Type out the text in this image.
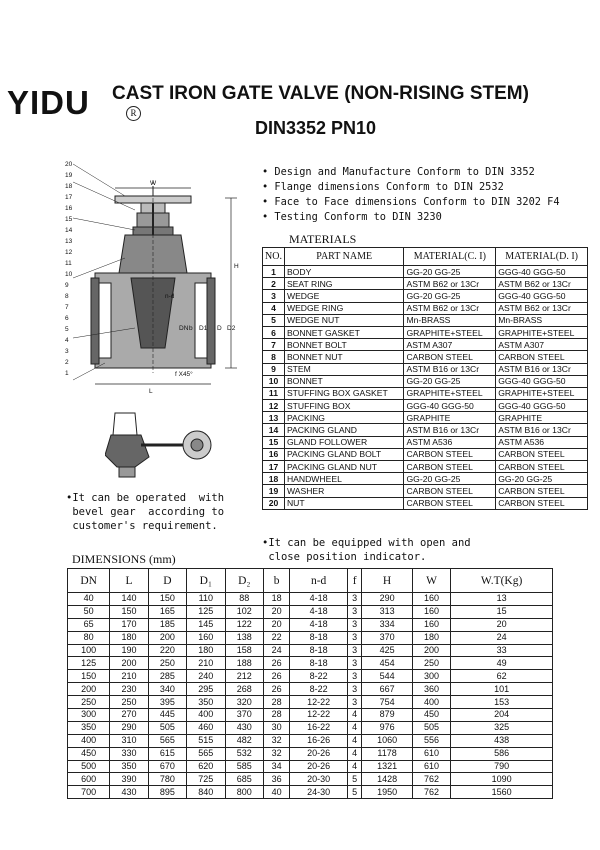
YIDU	R
CAST IRON GATE VALVE (NON-RISING STEM)
DIN3352 PN10
20
19
18
17
16
15
14
13
12
11
10
9
8
7
6
5
4
3
2
1
W
H
L
DN b D1 D D2
n-d
f X45°
• Design and Manufacture Conform to DIN 3352
• Flange dimensions Conform to DIN 2532
• Face to Face dimensions Conform to DIN 3202 F4
• Testing Conform to DIN 3230
MATERIALS
NO.	PART NAME	MATERIAL(C. I)	MATERIAL(D. I)
1	BODY	GG-20 GG-25	GGG-40 GGG-50
2	SEAT RING	ASTM B62 or 13Cr	ASTM B62 or 13Cr
3	WEDGE	GG-20 GG-25	GGG-40 GGG-50
4	WEDGE RING	ASTM B62 or 13Cr	ASTM B62 or 13Cr
5	WEDGE NUT	Mn-BRASS	Mn-BRASS
6	BONNET GASKET	GRAPHITE+STEEL	GRAPHITE+STEEL
7	BONNET BOLT	ASTM A307	ASTM A307
8	BONNET NUT	CARBON STEEL	CARBON STEEL
9	STEM	ASTM B16 or 13Cr	ASTM B16 or 13Cr
10	BONNET	GG-20 GG-25	GGG-40 GGG-50
11	STUFFING BOX GASKET	GRAPHITE+STEEL	GRAPHITE+STEEL
12	STUFFING BOX	GGG-40 GGG-50	GGG-40 GGG-50
13	PACKING	GRAPHITE	GRAPHITE
14	PACKING GLAND	ASTM B16 or 13Cr	ASTM B16 or 13Cr
15	GLAND FOLLOWER	ASTM A536	ASTM A536
16	PACKING GLAND BOLT	CARBON STEEL	CARBON STEEL
17	PACKING GLAND NUT	CARBON STEEL	CARBON STEEL
18	HANDWHEEL	GG-20 GG-25	GG-20 GG-25
19	WASHER	CARBON STEEL	CARBON STEEL
20	NUT	CARBON STEEL	CARBON STEEL

•It can be operated  with
bevel gear  according to
customer's requirement.

•It can be equipped with open and
close position indicator.

DIMENSIONS (mm)
DN	L	D	D₁	D₂	b	n-d	f	H	W	W.T(Kg)
40	140	150	110	88	18	4-18	3	290	160	13
50	150	165	125	102	20	4-18	3	313	160	15
65	170	185	145	122	20	4-18	3	334	160	20
80	180	200	160	138	22	8-18	3	370	180	24
100	190	220	180	158	24	8-18	3	425	200	33
125	200	250	210	188	26	8-18	3	454	250	49
150	210	285	240	212	26	8-22	3	544	300	62
200	230	340	295	268	26	8-22	3	667	360	101
250	250	395	350	320	28	12-22	3	754	400	153
300	270	445	400	370	28	12-22	4	879	450	204
350	290	505	460	430	30	16-22	4	976	505	325
400	310	565	515	482	32	16-26	4	1060	556	438
450	330	615	565	532	32	20-26	4	1178	610	586
500	350	670	620	585	34	20-26	4	1321	610	790
600	390	780	725	685	36	20-30	5	1428	762	1090
700	430	895	840	800	40	24-30	5	1950	762	1560
